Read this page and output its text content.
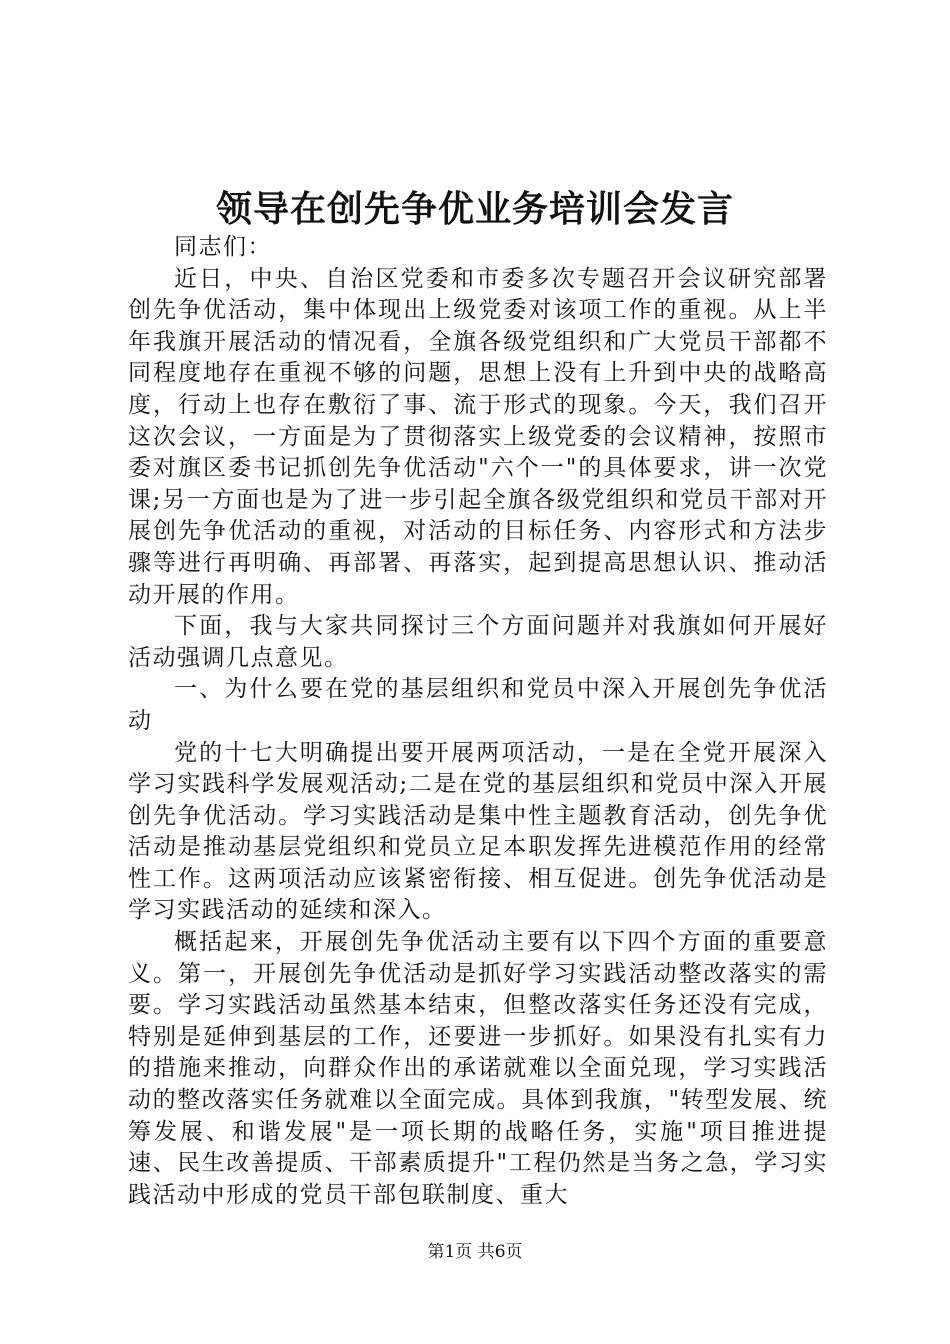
领导在创先争优业务培训会发言

同志们：

近日，中央、自治区党委和市委多次专题召开会议研究部署创先争优活动，集中体现出上级党委对该项工作的重视。从上半年我旗开展活动的情况看，全旗各级党组织和广大党员干部都不同程度地存在重视不够的问题，思想上没有上升到中央的战略高度，行动上也存在敷衍了事、流于形式的现象。今天，我们召开这次会议，一方面是为了贯彻落实上级党委的会议精神，按照市委对旗区委书记抓创先争优活动"六个一"的具体要求，讲一次党课;另一方面也是为了进一步引起全旗各级党组织和党员干部对开展创先争优活动的重视，对活动的目标任务、内容形式和方法步骤等进行再明确、再部署、再落实，起到提高思想认识、推动活动开展的作用。

下面，我与大家共同探讨三个方面问题并对我旗如何开展好活动强调几点意见。

一、为什么要在党的基层组织和党员中深入开展创先争优活动

党的十七大明确提出要开展两项活动，一是在全党开展深入学习实践科学发展观活动;二是在党的基层组织和党员中深入开展创先争优活动。学习实践活动是集中性主题教育活动，创先争优活动是推动基层党组织和党员立足本职发挥先进模范作用的经常性工作。这两项活动应该紧密衔接、相互促进。创先争优活动是学习实践活动的延续和深入。

概括起来，开展创先争优活动主要有以下四个方面的重要意义。第一，开展创先争优活动是抓好学习实践活动整改落实的需要。学习实践活动虽然基本结束，但整改落实任务还没有完成，特别是延伸到基层的工作，还要进一步抓好。如果没有扎实有力的措施来推动，向群众作出的承诺就难以全面兑现，学习实践活动的整改落实任务就难以全面完成。具体到我旗，"转型发展、统筹发展、和谐发展"是一项长期的战略任务，实施"项目推进提速、民生改善提质、干部素质提升"工程仍然是当务之急，学习实践活动中形成的党员干部包联制度、重大

第1页 共6页
